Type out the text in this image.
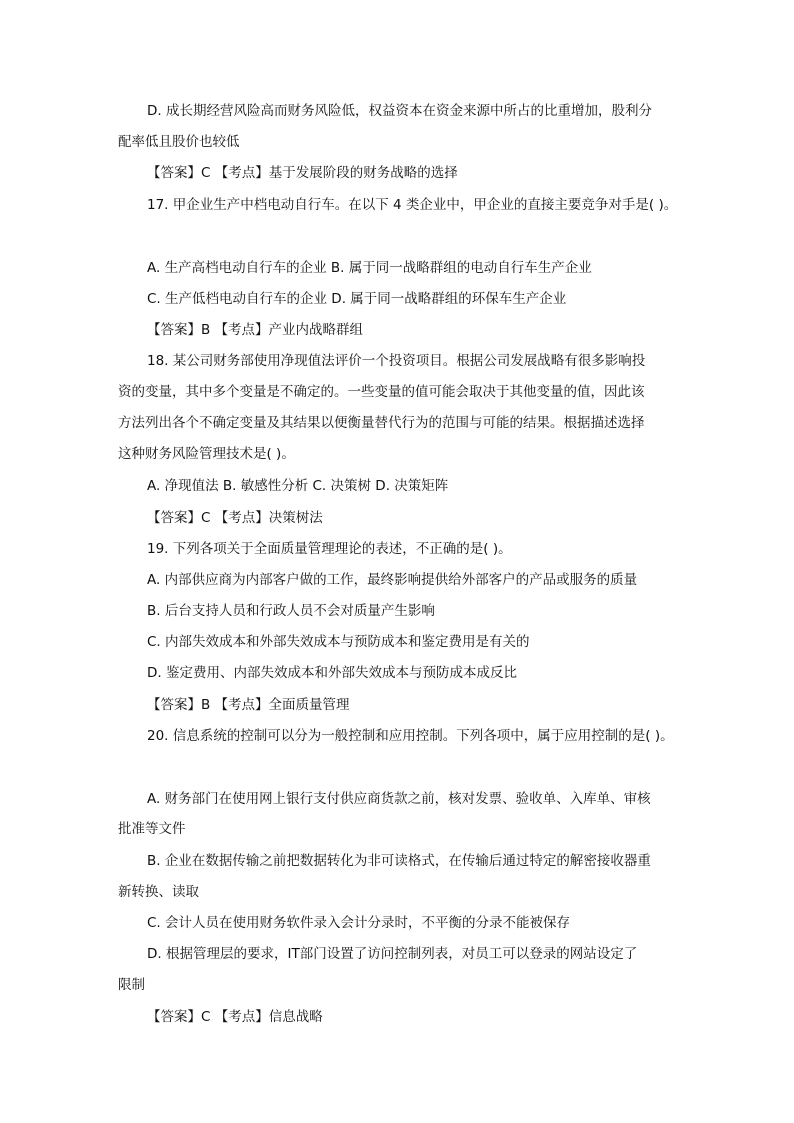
D. 成长期经营风险高而财务风险低，权益资本在资金来源中所占的比重增加，股利分
配率低且股价也较低
【答案】C 【考点】基于发展阶段的财务战略的选择
17. 甲企业生产中档电动自行车。在以下 4 类企业中，甲企业的直接主要竞争对手是( )。
A. 生产高档电动自行车的企业 B. 属于同一战略群组的电动自行车生产企业
C. 生产低档电动自行车的企业 D. 属于同一战略群组的环保车生产企业
【答案】B 【考点】产业内战略群组
18. 某公司财务部使用净现值法评价一个投资项目。根据公司发展战略有很多影响投
资的变量，其中多个变量是不确定的。一些变量的值可能会取决于其他变量的值，因此该
方法列出各个不确定变量及其结果以便衡量替代行为的范围与可能的结果。根据描述选择
这种财务风险管理技术是( )。
A. 净现值法 B. 敏感性分析 C. 决策树 D. 决策矩阵
【答案】C 【考点】决策树法
19. 下列各项关于全面质量管理理论的表述，不正确的是( )。
A. 内部供应商为内部客户做的工作，最终影响提供给外部客户的产品或服务的质量
B. 后台支持人员和行政人员不会对质量产生影响
C. 内部失效成本和外部失效成本与预防成本和鉴定费用是有关的
D. 鉴定费用、内部失效成本和外部失效成本与预防成本成反比
【答案】B 【考点】全面质量管理
20. 信息系统的控制可以分为一般控制和应用控制。下列各项中，属于应用控制的是( )。
A. 财务部门在使用网上银行支付供应商货款之前，核对发票、验收单、入库单、审核
批准等文件
B. 企业在数据传输之前把数据转化为非可读格式，在传输后通过特定的解密接收器重
新转换、读取
C. 会计人员在使用财务软件录入会计分录时，不平衡的分录不能被保存
D. 根据管理层的要求，IT部门设置了访问控制列表，对员工可以登录的网站设定了
限制
【答案】C 【考点】信息战略
